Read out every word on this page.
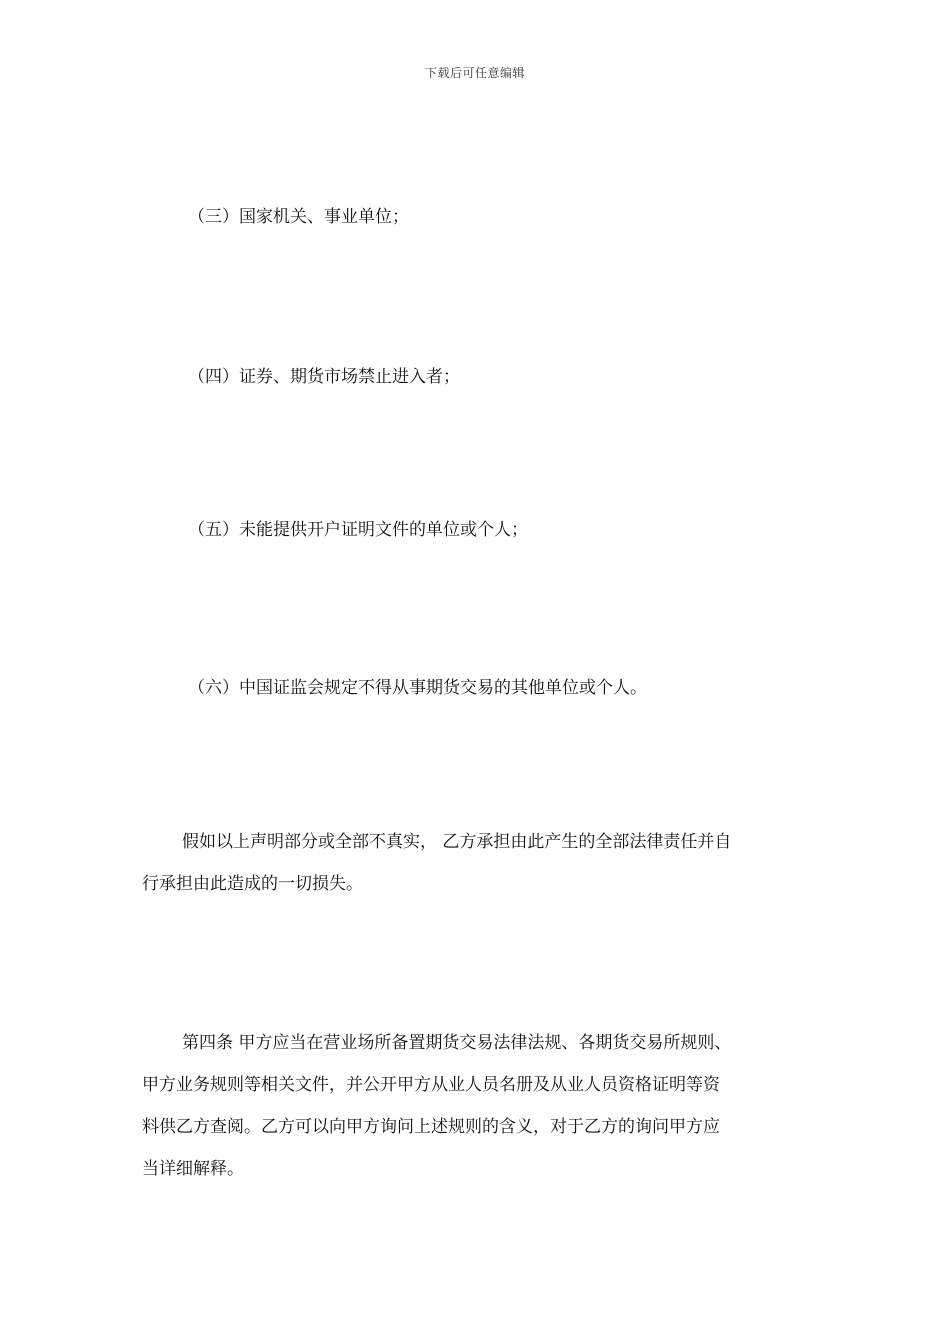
下载后可任意编辑
（三）国家机关、事业单位；
（四）证券、期货市场禁止进入者；
（五）未能提供开户证明文件的单位或个人；
（六）中国证监会规定不得从事期货交易的其他单位或个人。

假如以上声明部分或全部不真实， 乙方承担由此产生的全部法律责任并自

行承担由此造成的一切损失。

第四条 甲方应当在营业场所备置期货交易法律法规、各期货交易所规则、

甲方业务规则等相关文件，并公开甲方从业人员名册及从业人员资格证明等资

料供乙方查阅。乙方可以向甲方询问上述规则的含义，对于乙方的询问甲方应

当详细解释。
